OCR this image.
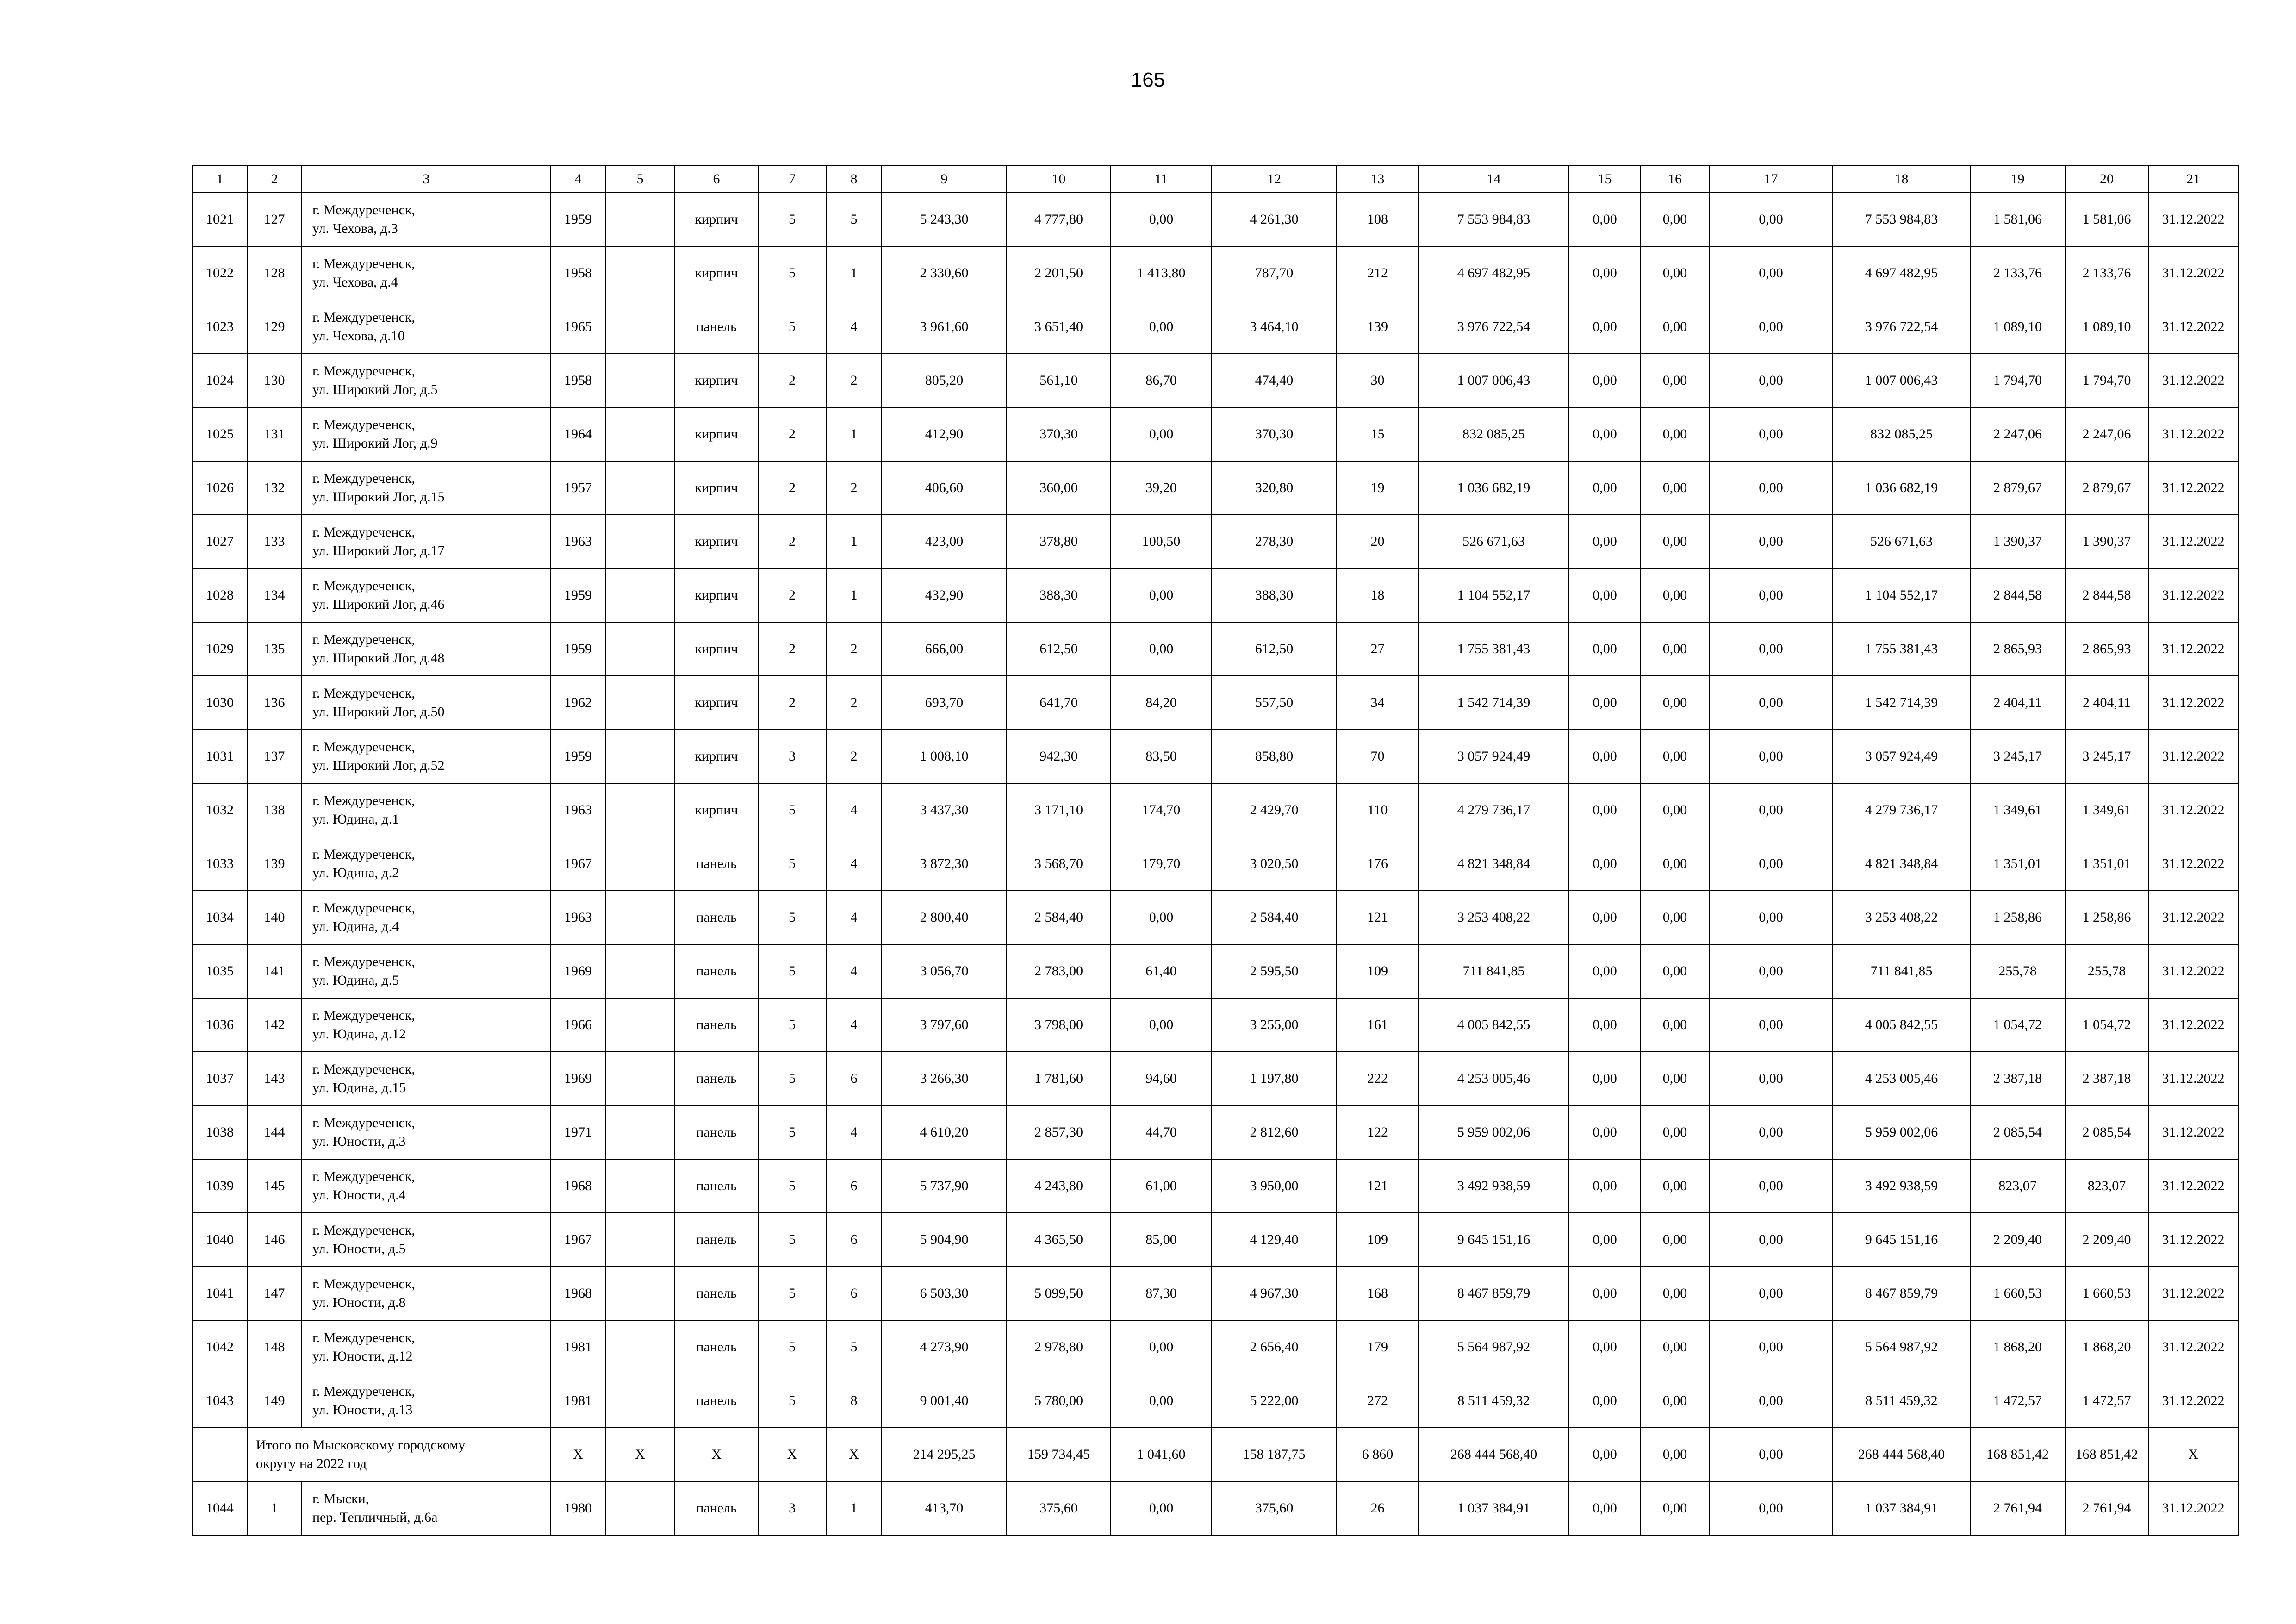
165
1	2	3	4	5	6	7	8	9	10	11	12	13	14	15	16	17	18	19	20	21
1021	127	г. Междуреченск,
ул. Чехова, д.3	1959		кирпич	5	5	5 243,30	4 777,80	0,00	4 261,30	108	7 553 984,83	0,00	0,00	0,00	7 553 984,83	1 581,06	1 581,06	31.12.2022
1022	128	г. Междуреченск,
ул. Чехова, д.4	1958		кирпич	5	1	2 330,60	2 201,50	1 413,80	787,70	212	4 697 482,95	0,00	0,00	0,00	4 697 482,95	2 133,76	2 133,76	31.12.2022
1023	129	г. Междуреченск,
ул. Чехова, д.10	1965		панель	5	4	3 961,60	3 651,40	0,00	3 464,10	139	3 976 722,54	0,00	0,00	0,00	3 976 722,54	1 089,10	1 089,10	31.12.2022
1024	130	г. Междуреченск,
ул. Широкий Лог, д.5	1958		кирпич	2	2	805,20	561,10	86,70	474,40	30	1 007 006,43	0,00	0,00	0,00	1 007 006,43	1 794,70	1 794,70	31.12.2022
1025	131	г. Междуреченск,
ул. Широкий Лог, д.9	1964		кирпич	2	1	412,90	370,30	0,00	370,30	15	832 085,25	0,00	0,00	0,00	832 085,25	2 247,06	2 247,06	31.12.2022
1026	132	г. Междуреченск,
ул. Широкий Лог, д.15	1957		кирпич	2	2	406,60	360,00	39,20	320,80	19	1 036 682,19	0,00	0,00	0,00	1 036 682,19	2 879,67	2 879,67	31.12.2022
1027	133	г. Междуреченск,
ул. Широкий Лог, д.17	1963		кирпич	2	1	423,00	378,80	100,50	278,30	20	526 671,63	0,00	0,00	0,00	526 671,63	1 390,37	1 390,37	31.12.2022
1028	134	г. Междуреченск,
ул. Широкий Лог, д.46	1959		кирпич	2	1	432,90	388,30	0,00	388,30	18	1 104 552,17	0,00	0,00	0,00	1 104 552,17	2 844,58	2 844,58	31.12.2022
1029	135	г. Междуреченск,
ул. Широкий Лог, д.48	1959		кирпич	2	2	666,00	612,50	0,00	612,50	27	1 755 381,43	0,00	0,00	0,00	1 755 381,43	2 865,93	2 865,93	31.12.2022
1030	136	г. Междуреченск,
ул. Широкий Лог, д.50	1962		кирпич	2	2	693,70	641,70	84,20	557,50	34	1 542 714,39	0,00	0,00	0,00	1 542 714,39	2 404,11	2 404,11	31.12.2022
1031	137	г. Междуреченск,
ул. Широкий Лог, д.52	1959		кирпич	3	2	1 008,10	942,30	83,50	858,80	70	3 057 924,49	0,00	0,00	0,00	3 057 924,49	3 245,17	3 245,17	31.12.2022
1032	138	г. Междуреченск,
ул. Юдина, д.1	1963		кирпич	5	4	3 437,30	3 171,10	174,70	2 429,70	110	4 279 736,17	0,00	0,00	0,00	4 279 736,17	1 349,61	1 349,61	31.12.2022
1033	139	г. Междуреченск,
ул. Юдина, д.2	1967		панель	5	4	3 872,30	3 568,70	179,70	3 020,50	176	4 821 348,84	0,00	0,00	0,00	4 821 348,84	1 351,01	1 351,01	31.12.2022
1034	140	г. Междуреченск,
ул. Юдина, д.4	1963		панель	5	4	2 800,40	2 584,40	0,00	2 584,40	121	3 253 408,22	0,00	0,00	0,00	3 253 408,22	1 258,86	1 258,86	31.12.2022
1035	141	г. Междуреченск,
ул. Юдина, д.5	1969		панель	5	4	3 056,70	2 783,00	61,40	2 595,50	109	711 841,85	0,00	0,00	0,00	711 841,85	255,78	255,78	31.12.2022
1036	142	г. Междуреченск,
ул. Юдина, д.12	1966		панель	5	4	3 797,60	3 798,00	0,00	3 255,00	161	4 005 842,55	0,00	0,00	0,00	4 005 842,55	1 054,72	1 054,72	31.12.2022
1037	143	г. Междуреченск,
ул. Юдина, д.15	1969		панель	5	6	3 266,30	1 781,60	94,60	1 197,80	222	4 253 005,46	0,00	0,00	0,00	4 253 005,46	2 387,18	2 387,18	31.12.2022
1038	144	г. Междуреченск,
ул. Юности, д.3	1971		панель	5	4	4 610,20	2 857,30	44,70	2 812,60	122	5 959 002,06	0,00	0,00	0,00	5 959 002,06	2 085,54	2 085,54	31.12.2022
1039	145	г. Междуреченск,
ул. Юности, д.4	1968		панель	5	6	5 737,90	4 243,80	61,00	3 950,00	121	3 492 938,59	0,00	0,00	0,00	3 492 938,59	823,07	823,07	31.12.2022
1040	146	г. Междуреченск,
ул. Юности, д.5	1967		панель	5	6	5 904,90	4 365,50	85,00	4 129,40	109	9 645 151,16	0,00	0,00	0,00	9 645 151,16	2 209,40	2 209,40	31.12.2022
1041	147	г. Междуреченск,
ул. Юности, д.8	1968		панель	5	6	6 503,30	5 099,50	87,30	4 967,30	168	8 467 859,79	0,00	0,00	0,00	8 467 859,79	1 660,53	1 660,53	31.12.2022
1042	148	г. Междуреченск,
ул. Юности, д.12	1981		панель	5	5	4 273,90	2 978,80	0,00	2 656,40	179	5 564 987,92	0,00	0,00	0,00	5 564 987,92	1 868,20	1 868,20	31.12.2022
1043	149	г. Междуреченск,
ул. Юности, д.13	1981		панель	5	8	9 001,40	5 780,00	0,00	5 222,00	272	8 511 459,32	0,00	0,00	0,00	8 511 459,32	1 472,57	1 472,57	31.12.2022
	Итого по Мысковскому городскому
округу на 2022 год		X	X	X	X	X	214 295,25	159 734,45	1 041,60	158 187,75	6 860	268 444 568,40	0,00	0,00	0,00	268 444 568,40	168 851,42	168 851,42	X
1044	1	г. Мыски,
пер. Тепличный, д.6а	1980		панель	3	1	413,70	375,60	0,00	375,60	26	1 037 384,91	0,00	0,00	0,00	1 037 384,91	2 761,94	2 761,94	31.12.2022
